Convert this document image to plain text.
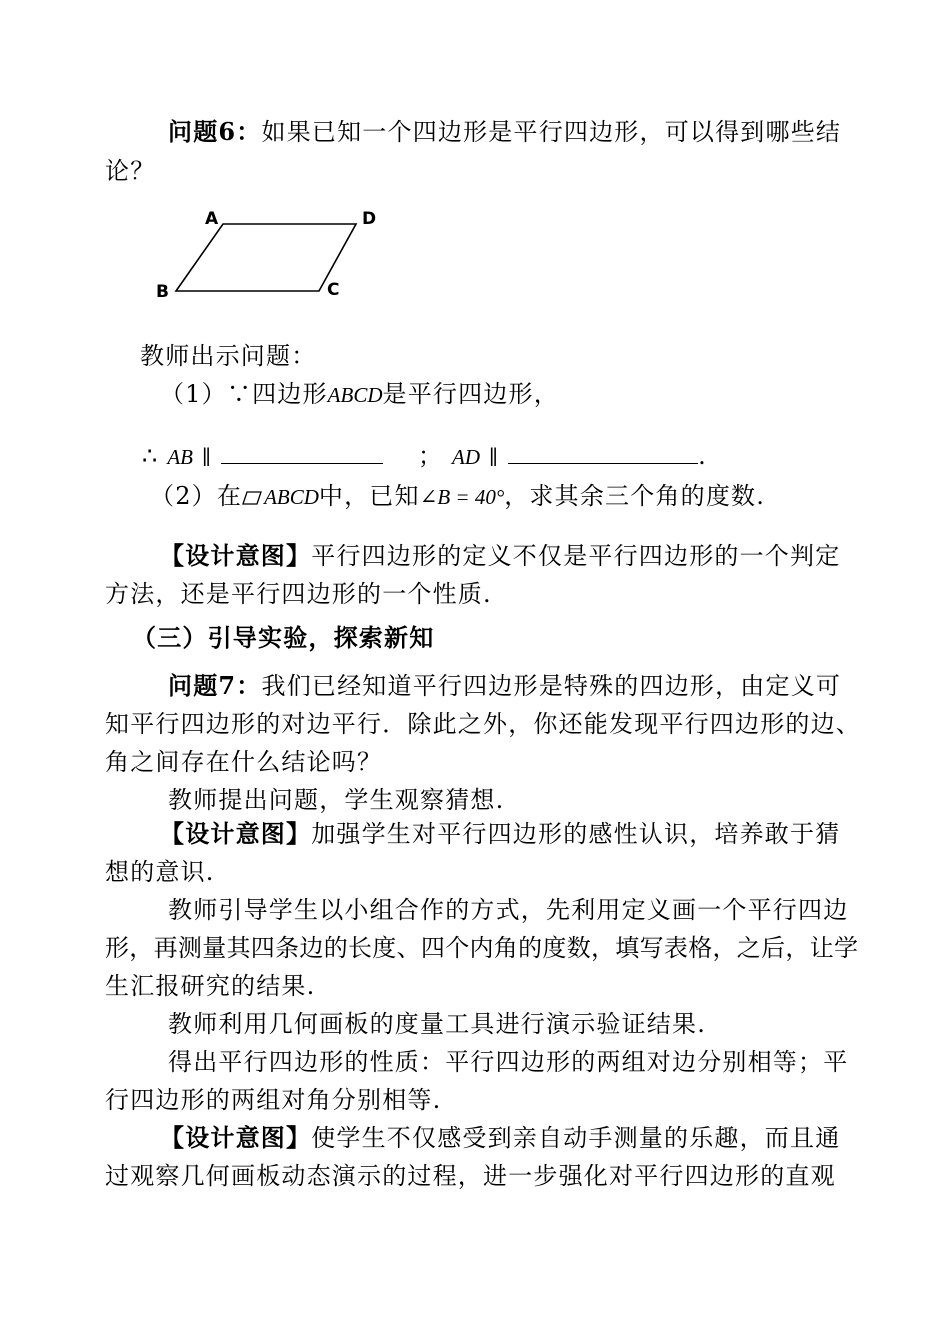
问题6：如果已知一个四边形是平行四边形，可以得到哪些结
论？
A	D
B	C
教师出示问题：
（1）∵四边形ABCD是平行四边形，
∴ AB ∥	； AD ∥	.
（2）在 ABCD中，已知∠B = 40°，求其余三个角的度数.
【设计意图】平行四边形的定义不仅是平行四边形的一个判定
方法，还是平行四边形的一个性质.
（三）引导实验，探索新知
问题7：我们已经知道平行四边形是特殊的四边形，由定义可
知平行四边形的对边平行．除此之外，你还能发现平行四边形的边、
角之间存在什么结论吗？
教师提出问题，学生观察猜想.
【设计意图】加强学生对平行四边形的感性认识，培养敢于猜
想的意识.
教师引导学生以小组合作的方式，先利用定义画一个平行四边
形，再测量其四条边的长度、四个内角的度数，填写表格，之后，让学
生汇报研究的结果.
教师利用几何画板的度量工具进行演示验证结果.
得出平行四边形的性质：平行四边形的两组对边分别相等；平
行四边形的两组对角分别相等.
【设计意图】使学生不仅感受到亲自动手测量的乐趣，而且通
过观察几何画板动态演示的过程，进一步强化对平行四边形的直观
